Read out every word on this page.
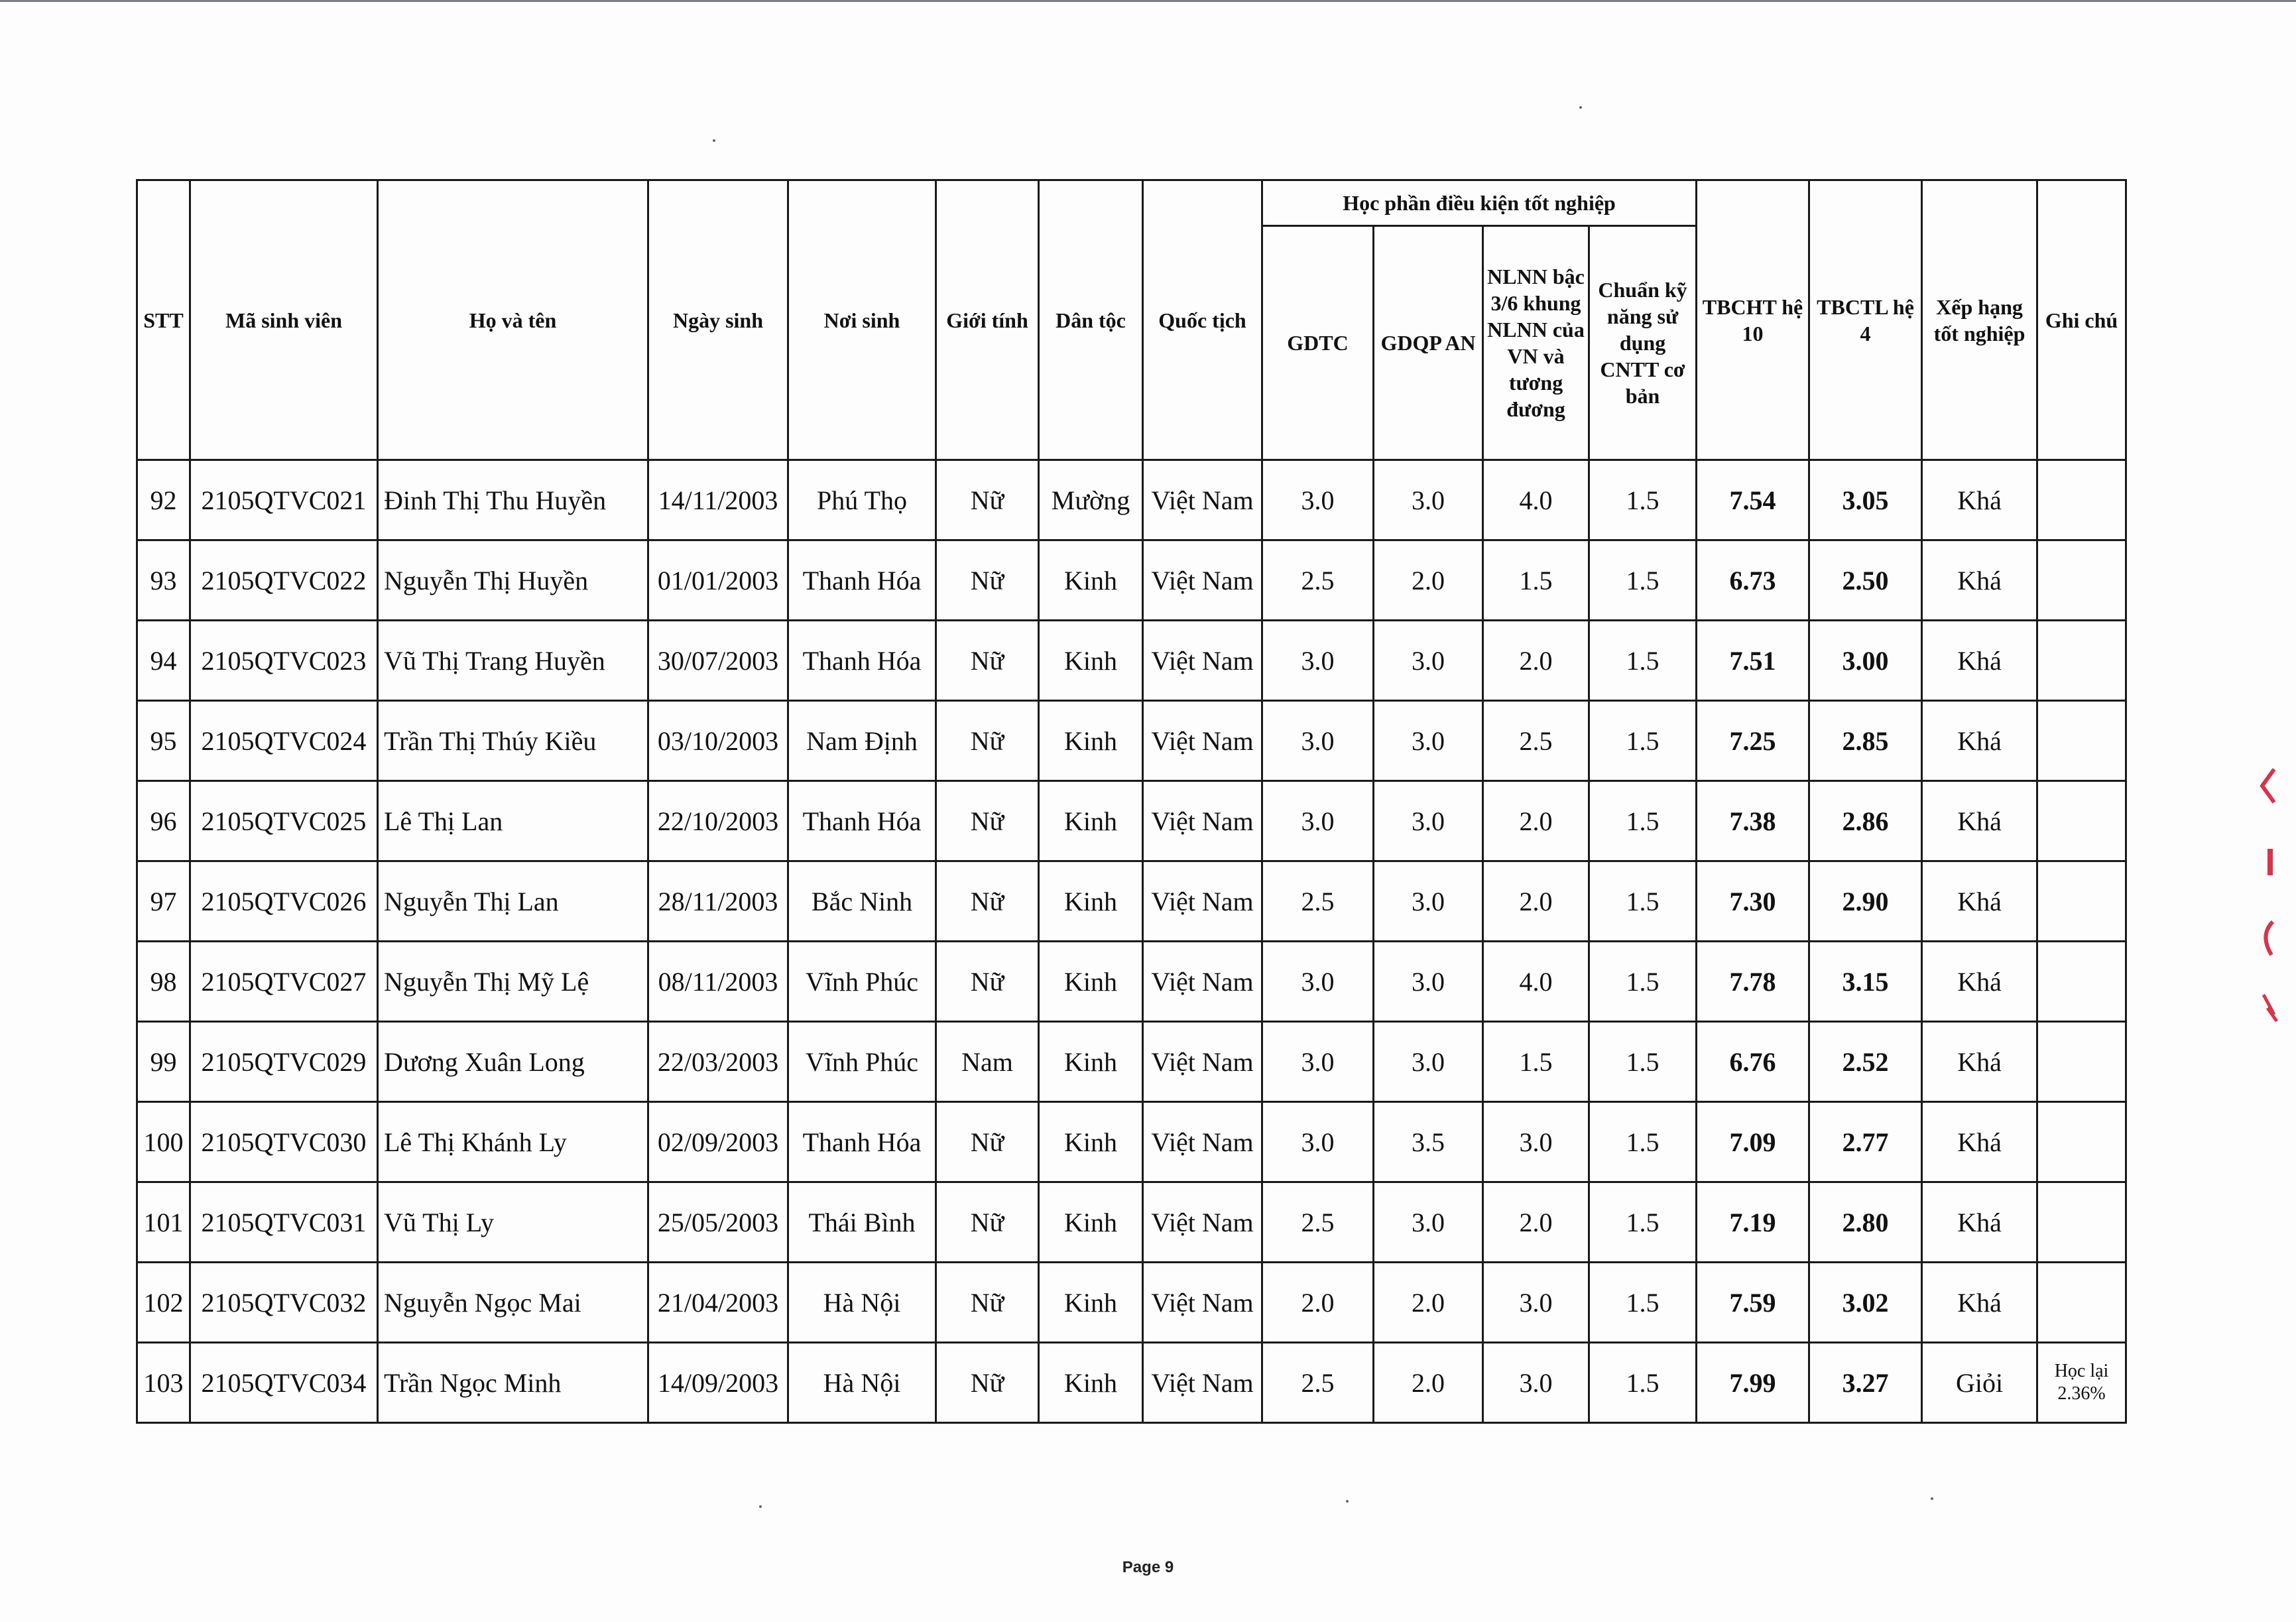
STT	Mã sinh viên	Họ và tên	Ngày sinh	Nơi sinh	Giới tính	Dân tộc	Quốc tịch	Học phần điều kiện tốt nghiệp				TBCHT hệ 10	TBCTL hệ 4	Xếp hạng tốt nghiệp	Ghi chú
								GDTC	GDQP AN	NLNN bậc 3/6 khung NLNN của VN và tương đương	Chuẩn kỹ năng sử dụng CNTT cơ bản				
92	2105QTVC021	Đinh Thị Thu Huyền	14/11/2003	Phú Thọ	Nữ	Mường	Việt Nam	3.0	3.0	4.0	1.5	7.54	3.05	Khá	
93	2105QTVC022	Nguyễn Thị Huyền	01/01/2003	Thanh Hóa	Nữ	Kinh	Việt Nam	2.5	2.0	1.5	1.5	6.73	2.50	Khá	
94	2105QTVC023	Vũ Thị Trang Huyền	30/07/2003	Thanh Hóa	Nữ	Kinh	Việt Nam	3.0	3.0	2.0	1.5	7.51	3.00	Khá	
95	2105QTVC024	Trần Thị Thúy Kiều	03/10/2003	Nam Định	Nữ	Kinh	Việt Nam	3.0	3.0	2.5	1.5	7.25	2.85	Khá	
96	2105QTVC025	Lê Thị Lan	22/10/2003	Thanh Hóa	Nữ	Kinh	Việt Nam	3.0	3.0	2.0	1.5	7.38	2.86	Khá	
97	2105QTVC026	Nguyễn Thị Lan	28/11/2003	Bắc Ninh	Nữ	Kinh	Việt Nam	2.5	3.0	2.0	1.5	7.30	2.90	Khá	
98	2105QTVC027	Nguyễn Thị Mỹ Lệ	08/11/2003	Vĩnh Phúc	Nữ	Kinh	Việt Nam	3.0	3.0	4.0	1.5	7.78	3.15	Khá	
99	2105QTVC029	Dương Xuân Long	22/03/2003	Vĩnh Phúc	Nam	Kinh	Việt Nam	3.0	3.0	1.5	1.5	6.76	2.52	Khá	
100	2105QTVC030	Lê Thị Khánh Ly	02/09/2003	Thanh Hóa	Nữ	Kinh	Việt Nam	3.0	3.5	3.0	1.5	7.09	2.77	Khá	
101	2105QTVC031	Vũ Thị Ly	25/05/2003	Thái Bình	Nữ	Kinh	Việt Nam	2.5	3.0	2.0	1.5	7.19	2.80	Khá	
102	2105QTVC032	Nguyễn Ngọc Mai	21/04/2003	Hà Nội	Nữ	Kinh	Việt Nam	2.0	2.0	3.0	1.5	7.59	3.02	Khá	
103	2105QTVC034	Trần Ngọc Minh	14/09/2003	Hà Nội	Nữ	Kinh	Việt Nam	2.5	2.0	3.0	1.5	7.99	3.27	Giỏi	Học lại 2.36%
Page 9
